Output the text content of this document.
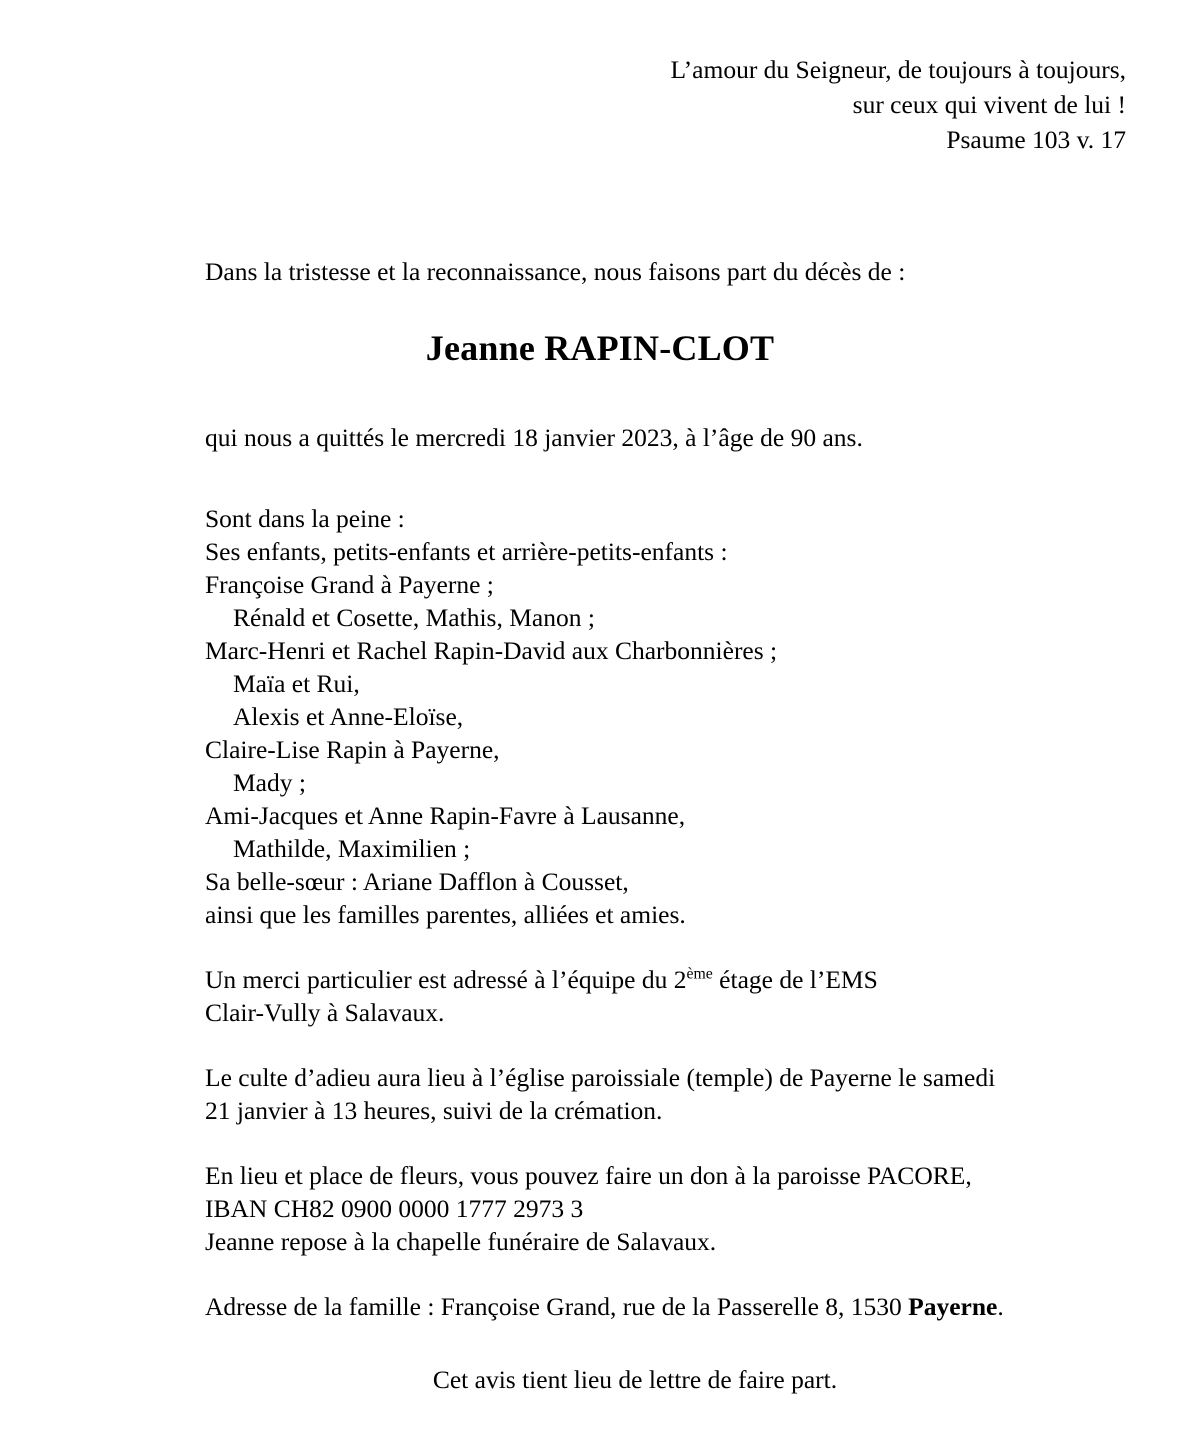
L’amour du Seigneur, de toujours à toujours,
sur ceux qui vivent de lui !
Psaume 103 v. 17

Dans la tristesse et la reconnaissance, nous faisons part du décès de :

Jeanne RAPIN-CLOT

qui nous a quittés le mercredi 18 janvier 2023, à l’âge de 90 ans.

Sont dans la peine :
Ses enfants, petits-enfants et arrière-petits-enfants :
Françoise Grand à Payerne ;
Rénald et Cosette, Mathis, Manon ;
Marc-Henri et Rachel Rapin-David aux Charbonnières ;
Maïa et Rui,
Alexis et Anne-Eloïse,
Claire-Lise Rapin à Payerne,
Mady ;
Ami-Jacques et Anne Rapin-Favre à Lausanne,
Mathilde, Maximilien ;
Sa belle-sœur : Ariane Dafflon à Cousset,
ainsi que les familles parentes, alliées et amies.
Un merci particulier est adressé à l’équipe du 2ème étage de l’EMS
Clair-Vully à Salavaux.
Le culte d’adieu aura lieu à l’église paroissiale (temple) de Payerne le samedi
21 janvier à 13 heures, suivi de la crémation.
En lieu et place de fleurs, vous pouvez faire un don à la paroisse PACORE,
IBAN CH82 0900 0000 1777 2973 3
Jeanne repose à la chapelle funéraire de Salavaux.
Adresse de la famille : Françoise Grand, rue de la Passerelle 8, 1530 Payerne.
Cet avis tient lieu de lettre de faire part.
